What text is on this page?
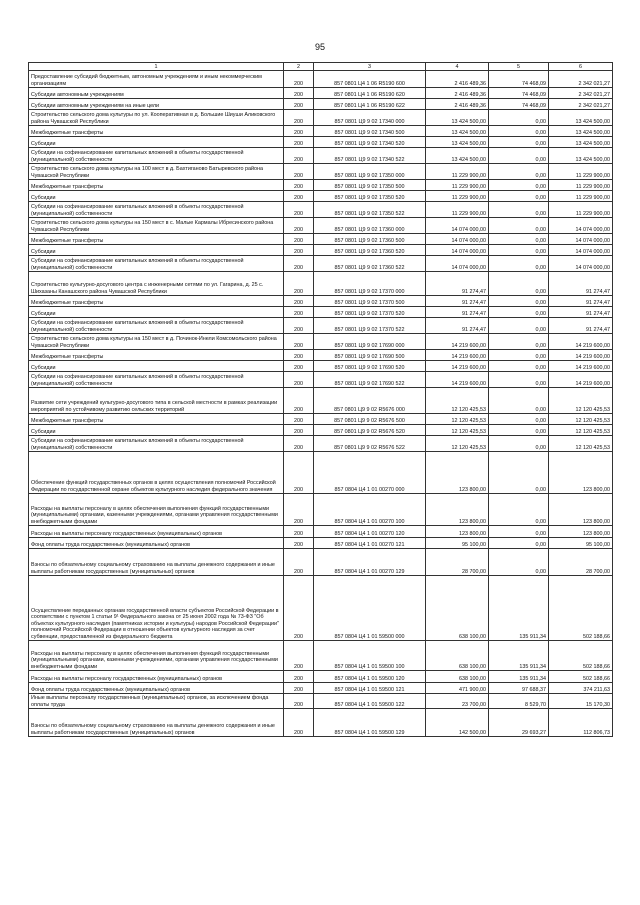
95
1	2	3	4	5	6
Предоставление субсидий бюджетным, автономным учреждениям и иным некоммерческим организациям	200	857 0801 Ц4 1 06 R5190 600	2 416 489,36	74 468,09	2 342 021,27
Субсидии автономным учреждениям	200	857 0801 Ц4 1 06 R5190 620	2 416 489,36	74 468,09	2 342 021,27
Субсидии автономным учреждениям на иные цели	200	857 0801 Ц4 1 06 R5190 622	2 416 489,36	74 468,09	2 342 021,27
Строительство сельского дома культуры по ул. Кооперативная в д. Большие Шиуши Аликовского района Чувашской Республики	200	857 0801 Ц9 9 02 17340 000	13 424 500,00	0,00	13 424 500,00
Межбюджетные трансферты	200	857 0801 Ц9 9 02 17340 500	13 424 500,00	0,00	13 424 500,00
Субсидии	200	857 0801 Ц9 9 02 17340 520	13 424 500,00	0,00	13 424 500,00
Субсидии на софинансирование капитальных вложений в объекты государственной (муниципальной) собственности	200	857 0801 Ц9 9 02 17340 522	13 424 500,00	0,00	13 424 500,00
Строительство сельского дома культуры на 100 мест в д. Бахтиганово Батыревского района Чувашской Республики	200	857 0801 Ц9 9 02 17350 000	11 229 900,00	0,00	11 229 900,00
Межбюджетные трансферты	200	857 0801 Ц9 9 02 17350 500	11 229 900,00	0,00	11 229 900,00
Субсидии	200	857 0801 Ц9 9 02 17350 520	11 229 900,00	0,00	11 229 900,00
Субсидии на софинансирование капитальных вложений в объекты государственной (муниципальной) собственности	200	857 0801 Ц9 9 02 17350 522	11 229 900,00	0,00	11 229 900,00
Строительство сельского дома культуры на 150 мест в с. Малые Кармалы Ибресинского района Чувашской Республики	200	857 0801 Ц9 9 02 17360 000	14 074 000,00	0,00	14 074 000,00
Межбюджетные трансферты	200	857 0801 Ц9 9 02 17360 500	14 074 000,00	0,00	14 074 000,00
Субсидии	200	857 0801 Ц9 9 02 17360 520	14 074 000,00	0,00	14 074 000,00
Субсидии на софинансирование капитальных вложений в объекты государственной (муниципальной) собственности	200	857 0801 Ц9 9 02 17360 522	14 074 000,00	0,00	14 074 000,00
Строительство культурно-досугового центра с инженерными сетями по ул. Гагарина, д. 25 с. Шихазаны Канашского района Чувашской Республики	200	857 0801 Ц9 9 02 17370 000	91 274,47	0,00	91 274,47
Межбюджетные трансферты	200	857 0801 Ц9 9 02 17370 500	91 274,47	0,00	91 274,47
Субсидии	200	857 0801 Ц9 9 02 17370 520	91 274,47	0,00	91 274,47
Субсидии на софинансирование капитальных вложений в объекты государственной (муниципальной) собственности	200	857 0801 Ц9 9 02 17370 522	91 274,47	0,00	91 274,47
Строительство сельского дома культуры на 150 мест в д. Починок-Инели Комсомольского района Чувашской Республики	200	857 0801 Ц9 9 02 17690 000	14 219 600,00	0,00	14 219 600,00
Межбюджетные трансферты	200	857 0801 Ц9 9 02 17690 500	14 219 600,00	0,00	14 219 600,00
Субсидии	200	857 0801 Ц9 9 02 17690 520	14 219 600,00	0,00	14 219 600,00
Субсидии на софинансирование капитальных вложений в объекты государственной (муниципальной) собственности	200	857 0801 Ц9 9 02 17690 522	14 219 600,00	0,00	14 219 600,00
Развитие сети учреждений культурно-досугового типа в сельской местности в рамках реализации мероприятий по устойчивому развитию сельских территорий	200	857 0801 Ц9 9 02 R5676 000	12 120 425,53	0,00	12 120 425,53
Межбюджетные трансферты	200	857 0801 Ц9 9 02 R5676 500	12 120 425,53	0,00	12 120 425,53
Субсидии	200	857 0801 Ц9 9 02 R5676 520	12 120 425,53	0,00	12 120 425,53
Субсидии на софинансирование капитальных вложений в объекты государственной (муниципальной) собственности	200	857 0801 Ц9 9 02 R5676 522	12 120 425,53	0,00	12 120 425,53
Обеспечение функций государственных органов в целях осуществления полномочий Российской Федерации по государственной охране объектов культурного наследия федерального значения	200	857 0804 Ц4 1 01 00270 000	123 800,00	0,00	123 800,00
Расходы на выплаты персоналу в целях обеспечения выполнения функций государственными (муниципальными) органами, казенными учреждениями, органами управления государственными внебюджетными фондами	200	857 0804 Ц4 1 01 00270 100	123 800,00	0,00	123 800,00
Расходы на выплаты персоналу государственных (муниципальных) органов	200	857 0804 Ц4 1 01 00270 120	123 800,00	0,00	123 800,00
Фонд оплаты труда государственных (муниципальных) органов	200	857 0804 Ц4 1 01 00270 121	95 100,00	0,00	95 100,00
Взносы по обязательному социальному страхованию на выплаты денежного содержания и иные выплаты работникам государственных (муниципальных) органов	200	857 0804 Ц4 1 01 00270 129	28 700,00	0,00	28 700,00
Осуществление переданных органам государственной власти субъектов Российской Федерации в соответствии с пунктом 1 статьи 9¹ Федерального закона от 25 июня 2002 года № 73-ФЗ "Об объектах культурного наследия (памятниках истории и культуры) народов Российской Федерации" полномочий Российской Федерации в отношении объектов культурного наследия за счет субвенции, предоставленной из федерального бюджета	200	857 0804 Ц4 1 01 59500 000	638 100,00	135 911,34	502 188,66
Расходы на выплаты персоналу в целях обеспечения выполнения функций государственными (муниципальными) органами, казенными учреждениями, органами управления государственными внебюджетными фондами	200	857 0804 Ц4 1 01 59500 100	638 100,00	135 911,34	502 188,66
Расходы на выплаты персоналу государственных (муниципальных) органов	200	857 0804 Ц4 1 01 59500 120	638 100,00	135 911,34	502 188,66
Фонд оплаты труда государственных (муниципальных) органов	200	857 0804 Ц4 1 01 59500 121	471 900,00	97 688,37	374 211,63
Иные выплаты персоналу государственных (муниципальных) органов, за исключением фонда оплаты труда	200	857 0804 Ц4 1 01 59500 122	23 700,00	8 529,70	15 170,30
Взносы по обязательному социальному страхованию на выплаты денежного содержания и иные выплаты работникам государственных (муниципальных) органов	200	857 0804 Ц4 1 01 59500 129	142 500,00	29 693,27	112 806,73
